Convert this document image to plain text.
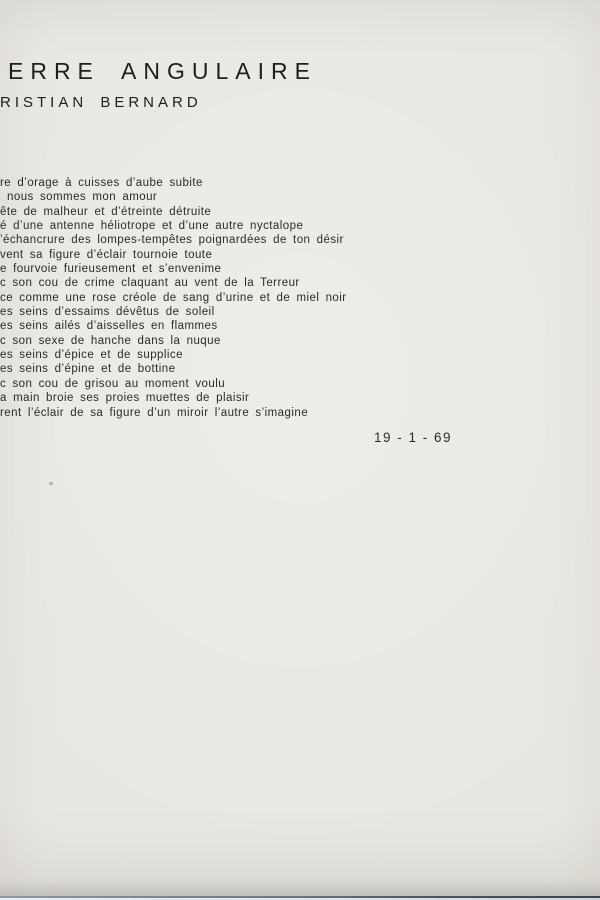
ERRE ANGULAIRE
RISTIAN BERNARD
re d’orage à cuisses d’aube subite
nous sommes mon amour
ête de malheur et d’étreinte détruite
é d’une antenne héliotrope et d’une autre nyctalope
’échancrure des lompes-tempêtes poignardées de ton désir
vent sa figure d’éclair tournoie toute
e fourvoie furieusement et s’envenime
c son cou de crime claquant au vent de la Terreur
ce comme une rose créole de sang d’urine et de miel noir
es seins d’essaims dévêtus de soleil
es seins ailés d’aisselles en flammes
c son sexe de hanche dans la nuque
es seins d’épice et de supplice
es seins d’épine et de bottine
c son cou de grisou au moment voulu
a main broie ses proies muettes de plaisir
rent l’éclair de sa figure d’un miroir l’autre s’imagine
19 - 1 - 69
